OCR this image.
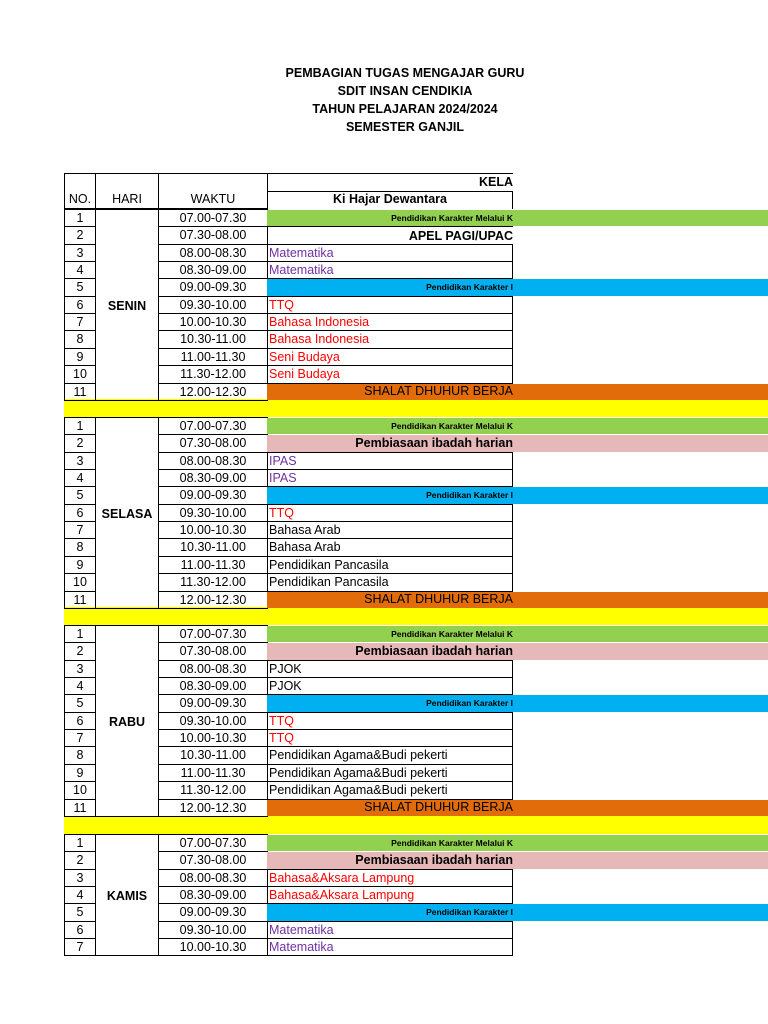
PEMBAGIAN TUGAS MENGAJAR GURU
SDIT INSAN CENDIKIA
TAHUN PELAJARAN 2024/2024
SEMESTER GANJIL
NO.	HARI	WAKTU
KELA
Ki Hajar Dewantara
SENIN
1	07.00-07.30	Pendidikan Karakter Melalui K
2	07.30-08.00	APEL PAGI/UPAC
3	08.00-08.30	Matematika
4	08.30-09.00	Matematika
5	09.00-09.30	Pendidikan Karakter I
6	09.30-10.00	TTQ
7	10.00-10.30	Bahasa Indonesia
8	10.30-11.00	Bahasa Indonesia
9	11.00-11.30	Seni Budaya
10	11.30-12.00	Seni Budaya
11	12.00-12.30	SHALAT DHUHUR BERJA
SELASA
1	07.00-07.30	Pendidikan Karakter Melalui K
2	07.30-08.00	Pembiasaan ibadah harian
3	08.00-08.30	IPAS
4	08.30-09.00	IPAS
5	09.00-09.30	Pendidikan Karakter I
6	09.30-10.00	TTQ
7	10.00-10.30	Bahasa Arab
8	10.30-11.00	Bahasa Arab
9	11.00-11.30	Pendidikan Pancasila
10	11.30-12.00	Pendidikan Pancasila
11	12.00-12.30	SHALAT DHUHUR BERJA
RABU
1	07.00-07.30	Pendidikan Karakter Melalui K
2	07.30-08.00	Pembiasaan ibadah harian
3	08.00-08.30	PJOK
4	08.30-09.00	PJOK
5	09.00-09.30	Pendidikan Karakter I
6	09.30-10.00	TTQ
7	10.00-10.30	TTQ
8	10.30-11.00	Pendidikan Agama&Budi pekerti
9	11.00-11.30	Pendidikan Agama&Budi pekerti
10	11.30-12.00	Pendidikan Agama&Budi pekerti
11	12.00-12.30	SHALAT DHUHUR BERJA
KAMIS
1	07.00-07.30	Pendidikan Karakter Melalui K
2	07.30-08.00	Pembiasaan ibadah harian
3	08.00-08.30	Bahasa&Aksara Lampung
4	08.30-09.00	Bahasa&Aksara Lampung
5	09.00-09.30	Pendidikan Karakter I
6	09.30-10.00	Matematika
7	10.00-10.30	Matematika
